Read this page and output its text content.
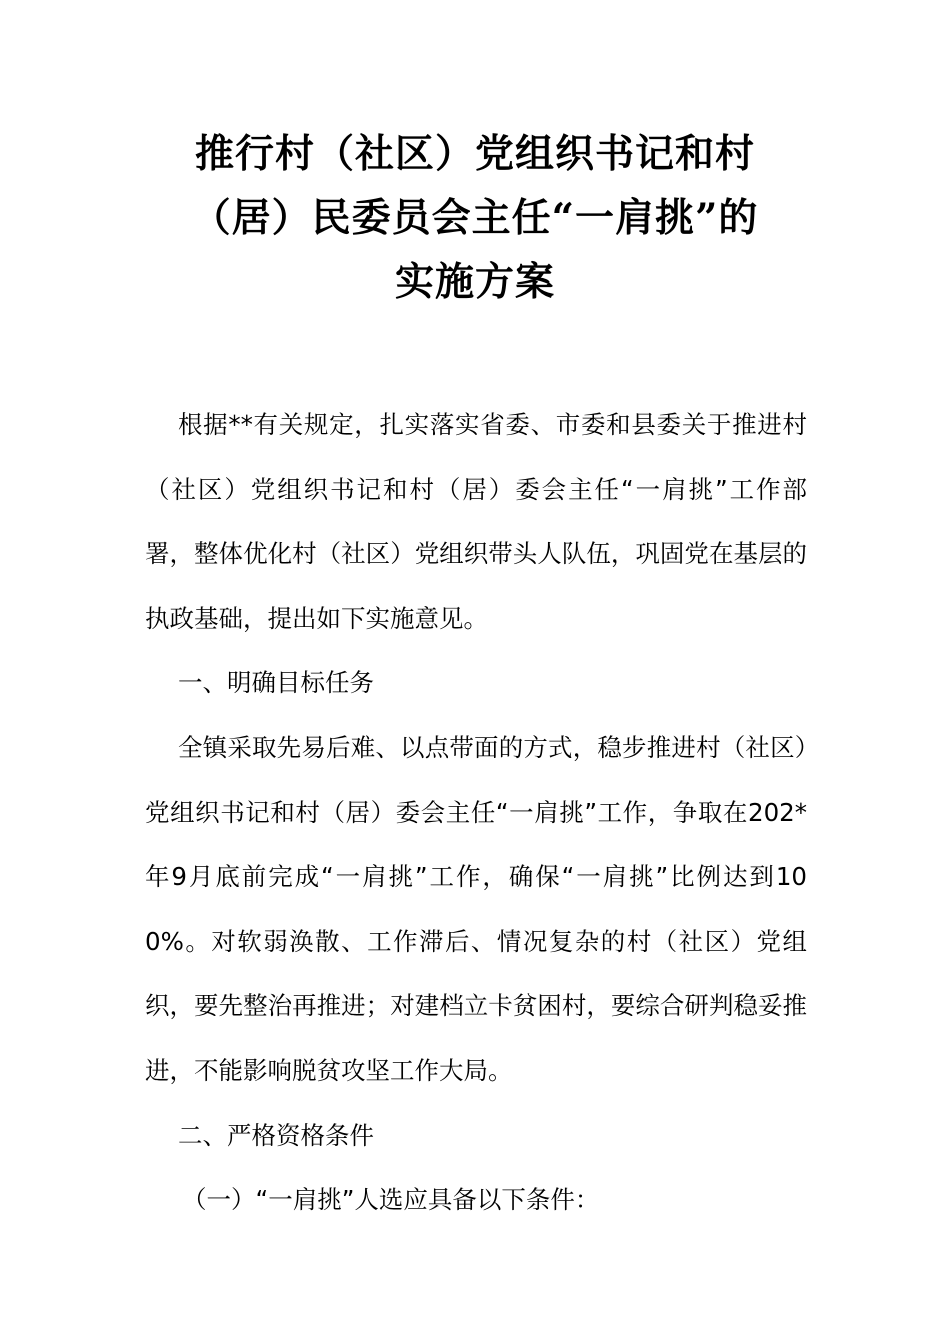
推行村（社区）党组织书记和村
（居）民委员会主任“一肩挑”的
实施方案

根据**有关规定，扎实落实省委、市委和县委关于推进村（社区）党组织书记和村（居）委会主任“一肩挑”工作部署，整体优化村（社区）党组织带头人队伍，巩固党在基层的执政基础，提出如下实施意见。

一、明确目标任务

全镇采取先易后难、以点带面的方式，稳步推进村（社区）党组织书记和村（居）委会主任“一肩挑”工作，争取在202*年9月底前完成“一肩挑”工作，确保“一肩挑”比例达到100%。对软弱涣散、工作滞后、情况复杂的村（社区）党组织，要先整治再推进；对建档立卡贫困村，要综合研判稳妥推进，不能影响脱贫攻坚工作大局。

二、严格资格条件

（一）“一肩挑”人选应具备以下条件：
